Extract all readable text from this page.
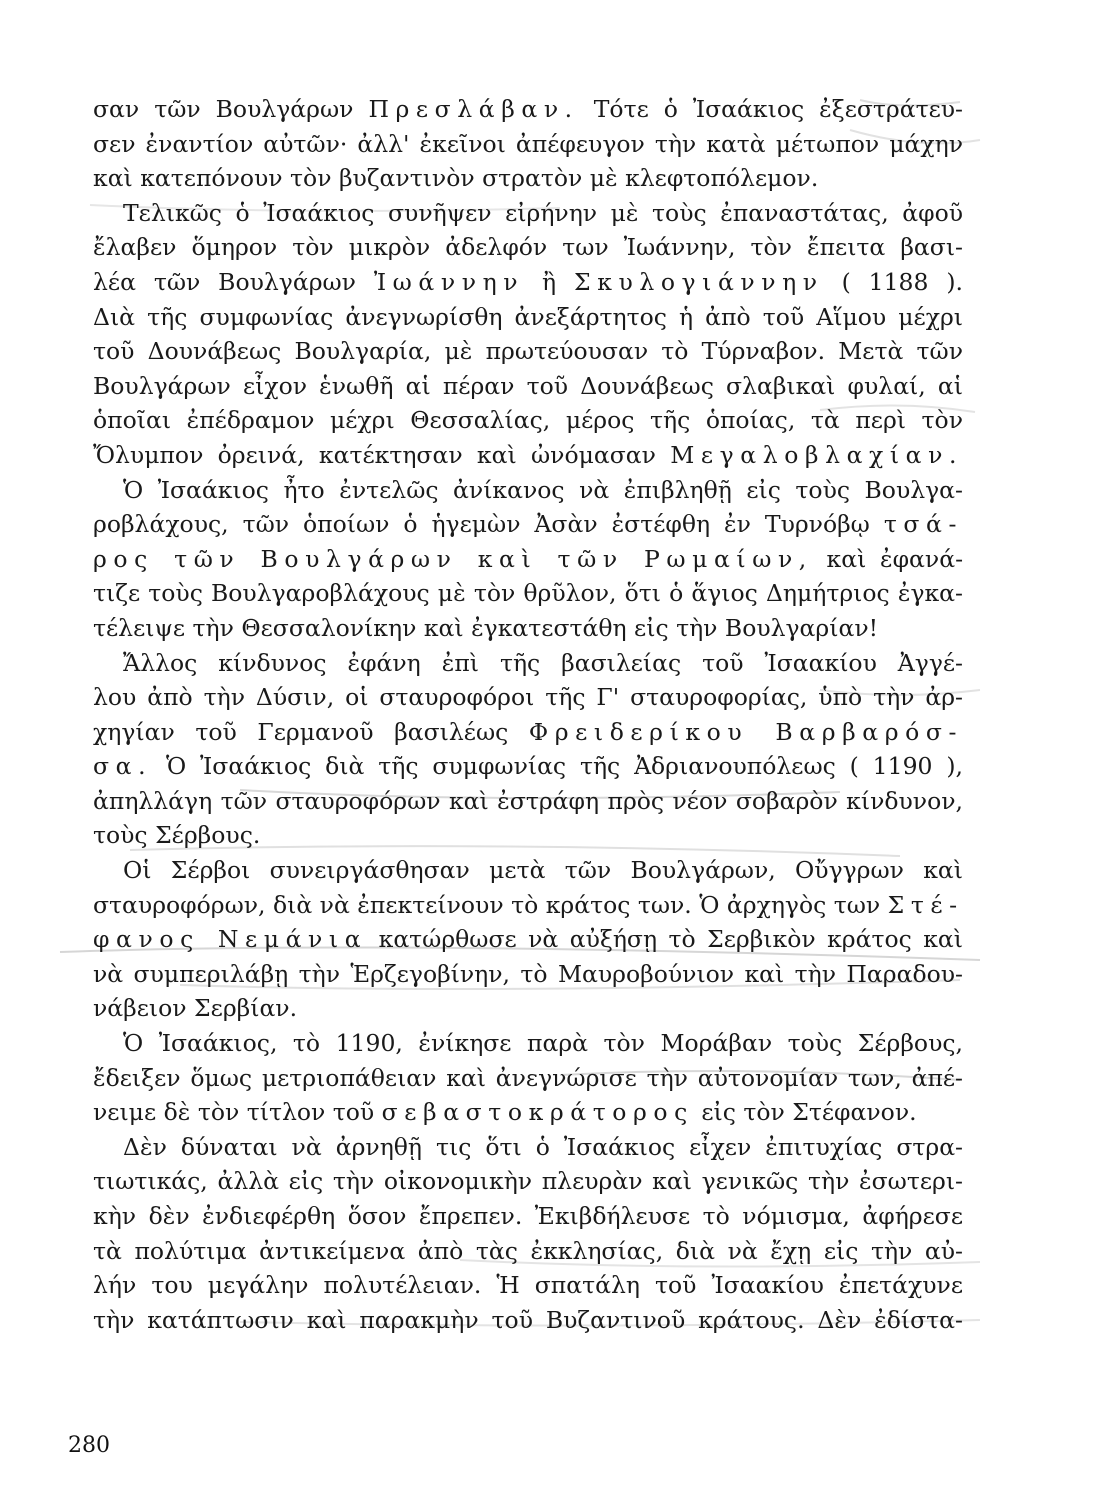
σαν τῶν Βουλγάρων Πρεσλάβαν. Τότε ὁ Ἰσαάκιος ἐξεστράτευ-
σεν ἐναντίον αὐτῶν· ἀλλ' ἐκεῖνοι ἀπέφευγον τὴν κατὰ μέτωπον μάχην
καὶ κατεπόνουν τὸν βυζαντινὸν στρατὸν μὲ κλεφτοπόλεμον.
Τελικῶς ὁ Ἰσαάκιος συνῆψεν εἰρήνην μὲ τοὺς ἐπαναστάτας, ἀφοῦ
ἔλαβεν ὅμηρον τὸν μικρὸν ἀδελφόν των Ἰωάννην, τὸν ἔπειτα βασι-
λέα τῶν Βουλγάρων Ἰωάννην ἢ Σκυλογιάννην ( 1188 ).
Διὰ τῆς συμφωνίας ἀνεγνωρίσθη ἀνεξάρτητος ἡ ἀπὸ τοῦ Αἵμου μέχρι
τοῦ Δουνάβεως Βουλγαρία, μὲ πρωτεύουσαν τὸ Τύρναβον. Μετὰ τῶν
Βουλγάρων εἶχον ἑνωθῆ αἱ πέραν τοῦ Δουνάβεως σλαβικαὶ φυλαί, αἱ
ὁποῖαι ἐπέδραμον μέχρι Θεσσαλίας, μέρος τῆς ὁποίας, τὰ περὶ τὸν
Ὄλυμπον ὀρεινά, κατέκτησαν καὶ ὠνόμασαν Μεγαλοβλαχίαν.
Ὁ Ἰσαάκιος ἦτο ἐντελῶς ἀνίκανος νὰ ἐπιβληθῇ εἰς τοὺς Βουλγα-
ροβλάχους, τῶν ὁποίων ὁ ἡγεμὼν Ἀσὰν ἐστέφθη ἐν Τυρνόβῳ τσά-
ρος τῶν Βουλγάρων καὶ τῶν Ρωμαίων, καὶ ἐφανά-
τιζε τοὺς Βουλγαροβλάχους μὲ τὸν θρῦλον, ὅτι ὁ ἅγιος Δημήτριος ἐγκα-
τέλειψε τὴν Θεσσαλονίκην καὶ ἐγκατεστάθη εἰς τὴν Βουλγαρίαν!
Ἄλλος κίνδυνος ἐφάνη ἐπὶ τῆς βασιλείας τοῦ Ἰσαακίου Ἀγγέ-
λου ἀπὸ τὴν Δύσιν, οἱ σταυροφόροι τῆς Γ' σταυροφορίας, ὑπὸ τὴν ἀρ-
χηγίαν τοῦ Γερμανοῦ βασιλέως Φρειδερίκου Βαρβαρόσ-
σα. Ὁ Ἰσαάκιος διὰ τῆς συμφωνίας τῆς Ἀδριανουπόλεως ( 1190 ),
ἀπηλλάγη τῶν σταυροφόρων καὶ ἐστράφη πρὸς νέον σοβαρὸν κίνδυνον,
τοὺς Σέρβους.
Οἱ Σέρβοι συνειργάσθησαν μετὰ τῶν Βουλγάρων, Οὔγγρων καὶ
σταυροφόρων, διὰ νὰ ἐπεκτείνουν τὸ κράτος των. Ὁ ἀρχηγὸς των Στέ-
φανος Νεμάνια κατώρθωσε νὰ αὐξήσῃ τὸ Σερβικὸν κράτος καὶ
νὰ συμπεριλάβῃ τὴν Ἑρζεγοβίνην, τὸ Μαυροβούνιον καὶ τὴν Παραδου-
νάβειον Σερβίαν.
Ὁ Ἰσαάκιος, τὸ 1190, ἐνίκησε παρὰ τὸν Μοράβαν τοὺς Σέρβους,
ἔδειξεν ὅμως μετριοπάθειαν καὶ ἀνεγνώρισε τὴν αὐτονομίαν των, ἀπέ-
νειμε δὲ τὸν τίτλον τοῦ σεβαστοκράτορος εἰς τὸν Στέφανον.
Δὲν δύναται νὰ ἀρνηθῇ τις ὅτι ὁ Ἰσαάκιος εἶχεν ἐπιτυχίας στρα-
τιωτικάς, ἀλλὰ εἰς τὴν οἰκονομικὴν πλευρὰν καὶ γενικῶς τὴν ἐσωτερι-
κὴν δὲν ἐνδιεφέρθη ὅσον ἔπρεπεν. Ἐκιβδήλευσε τὸ νόμισμα, ἀφήρεσε
τὰ πολύτιμα ἀντικείμενα ἀπὸ τὰς ἐκκλησίας, διὰ νὰ ἔχῃ εἰς τὴν αὐ-
λήν του μεγάλην πολυτέλειαν. Ἡ σπατάλη τοῦ Ἰσαακίου ἐπετάχυνε
τὴν κατάπτωσιν καὶ παρακμὴν τοῦ Βυζαντινοῦ κράτους. Δὲν ἐδίστα-
280
